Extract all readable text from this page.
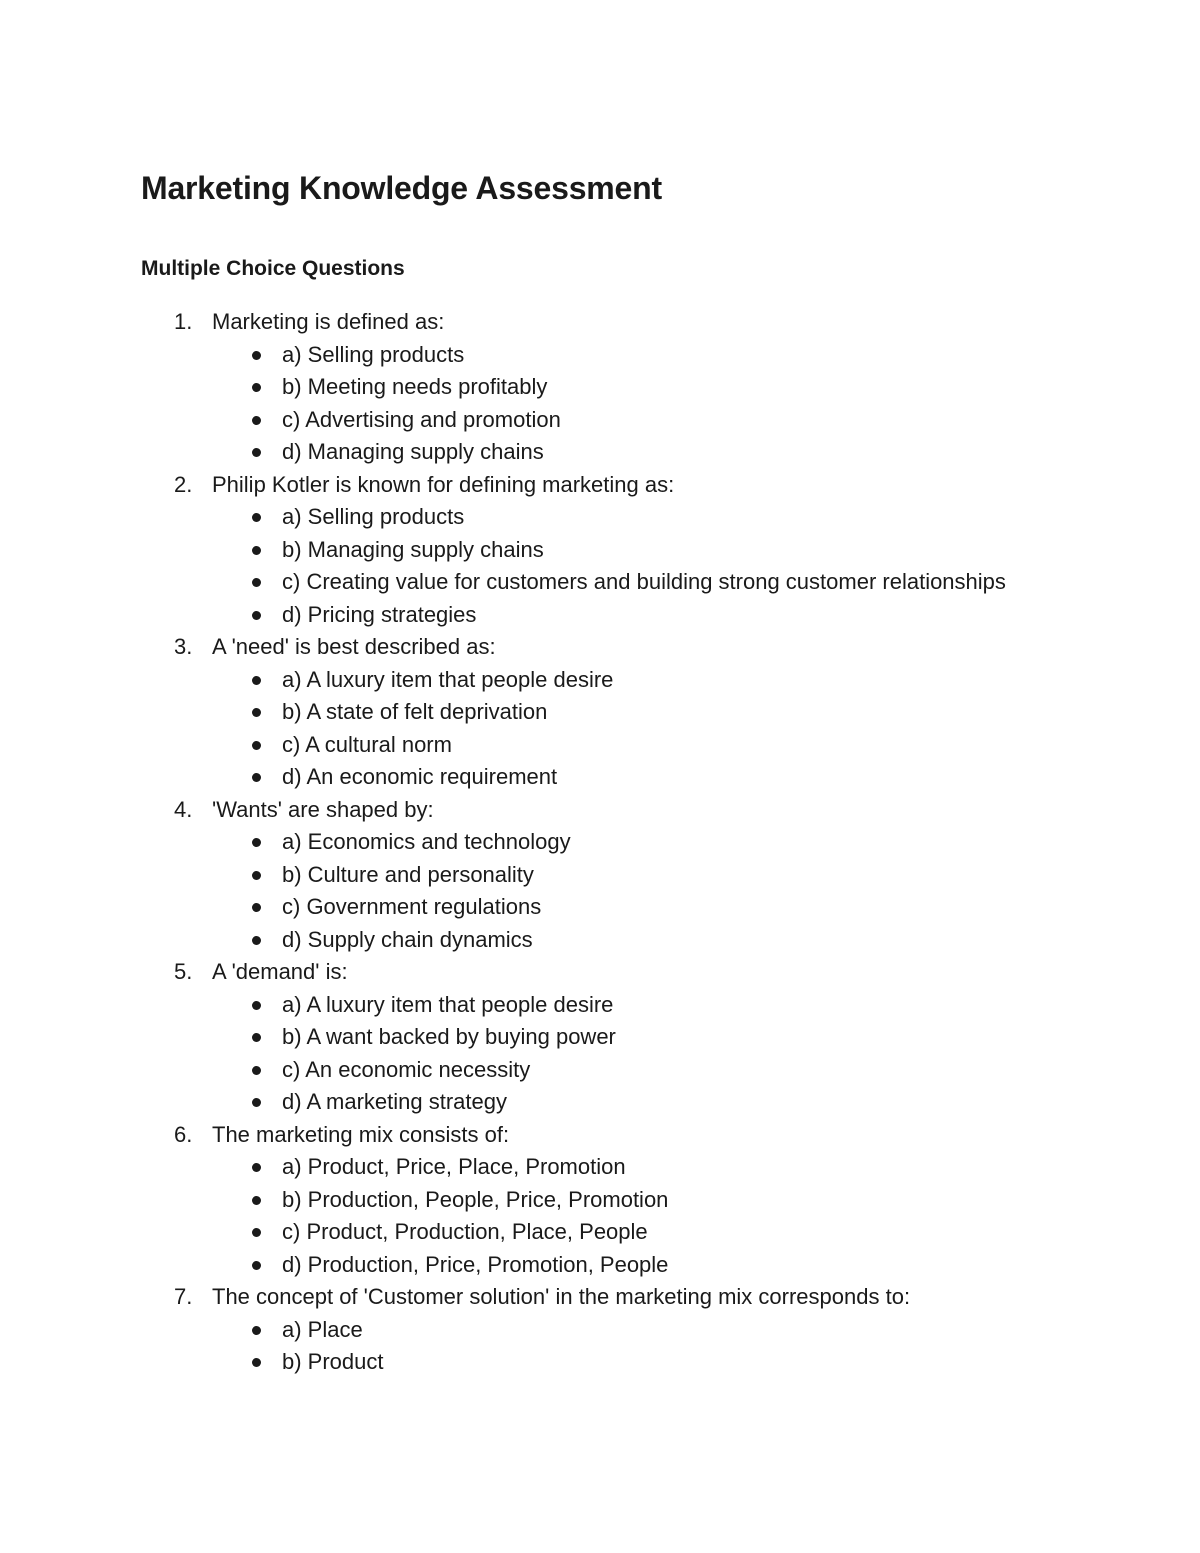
Marketing Knowledge Assessment
Multiple Choice Questions
1. Marketing is defined as:
a) Selling products
b) Meeting needs profitably
c) Advertising and promotion
d) Managing supply chains
2. Philip Kotler is known for defining marketing as:
a) Selling products
b) Managing supply chains
c) Creating value for customers and building strong customer relationships
d) Pricing strategies
3. A 'need' is best described as:
a) A luxury item that people desire
b) A state of felt deprivation
c) A cultural norm
d) An economic requirement
4. 'Wants' are shaped by:
a) Economics and technology
b) Culture and personality
c) Government regulations
d) Supply chain dynamics
5. A 'demand' is:
a) A luxury item that people desire
b) A want backed by buying power
c) An economic necessity
d) A marketing strategy
6. The marketing mix consists of:
a) Product, Price, Place, Promotion
b) Production, People, Price, Promotion
c) Product, Production, Place, People
d) Production, Price, Promotion, People
7. The concept of 'Customer solution' in the marketing mix corresponds to:
a) Place
b) Product
